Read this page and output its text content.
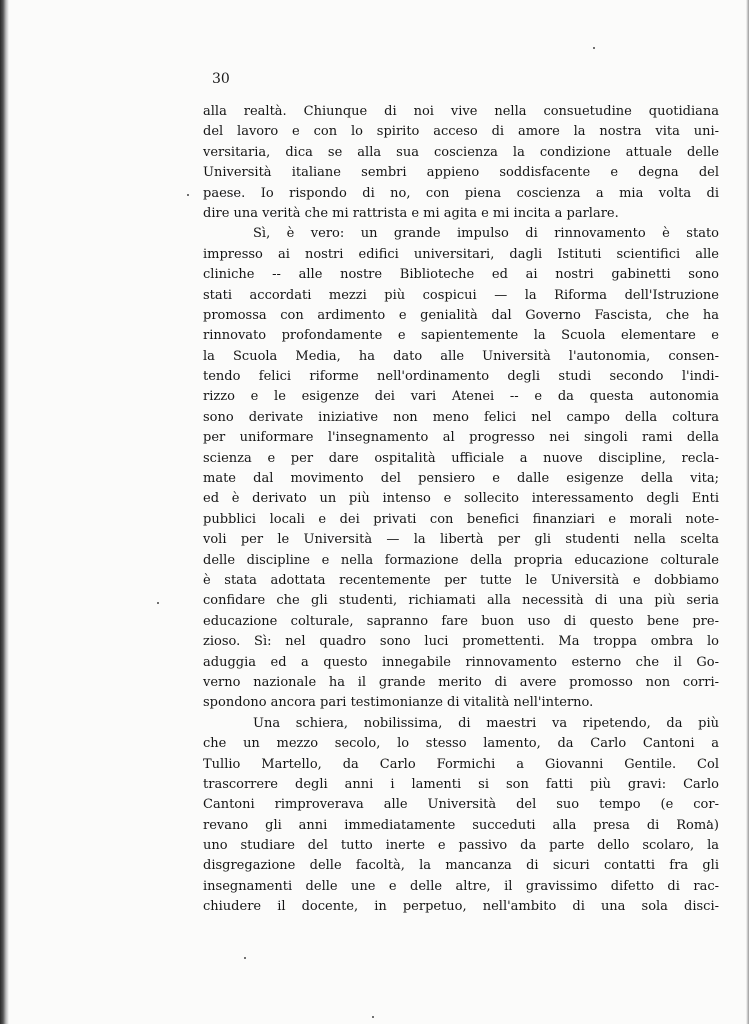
30
alla realtà. Chiunque di noi vive nella consuetudine quotidiana
del lavoro e con lo spirito acceso di amore la nostra vita uni-
versitaria, dica se alla sua coscienza la condizione attuale delle
Università italiane sembri appieno soddisfacente e degna del
paese. Io rispondo di no, con piena coscienza a mia volta di
dire una verità che mi rattrista e mi agita e mi incita a parlare.
Sì, è vero: un grande impulso di rinnovamento è stato
impresso ai nostri edifici universitari, dagli Istituti scientifici alle
cliniche -- alle nostre Biblioteche ed ai nostri gabinetti sono
stati accordati mezzi più cospicui — la Riforma dell'Istruzione
promossa con ardimento e genialità dal Governo Fascista, che ha
rinnovato profondamente e sapientemente la Scuola elementare e
la Scuola Media, ha dato alle Università l'autonomia, consen-
tendo felici riforme nell'ordinamento degli studi secondo l'indi-
rizzo e le esigenze dei vari Atenei -- e da questa autonomia
sono derivate iniziative non meno felici nel campo della coltura
per uniformare l'insegnamento al progresso nei singoli rami della
scienza e per dare ospitalità ufficiale a nuove discipline, recla-
mate dal movimento del pensiero e dalle esigenze della vita;
ed è derivato un più intenso e sollecito interessamento degli Enti
pubblici locali e dei privati con benefici finanziari e morali note-
voli per le Università — la libertà per gli studenti nella scelta
delle discipline e nella formazione della propria educazione colturale
è stata adottata recentemente per tutte le Università e dobbiamo
confidare che gli studenti, richiamati alla necessità di una più seria
educazione colturale, sapranno fare buon uso di questo bene pre-
zioso. Sì: nel quadro sono luci promettenti. Ma troppa ombra lo
aduggia ed a questo innegabile rinnovamento esterno che il Go-
verno nazionale ha il grande merito di avere promosso non corri-
spondono ancora pari testimonianze di vitalità nell'interno.
Una schiera, nobilissima, di maestri va ripetendo, da più
che un mezzo secolo, lo stesso lamento, da Carlo Cantoni a
Tullio Martello, da Carlo Formichi a Giovanni Gentile. Col
trascorrere degli anni i lamenti si son fatti più gravi: Carlo
Cantoni rimproverava alle Università del suo tempo (e cor-
revano gli anni immediatamente succeduti alla presa di Roma)
uno studiare del tutto inerte e passivo da parte dello scolaro, la
disgregazione delle facoltà, la mancanza di sicuri contatti fra gli
insegnamenti delle une e delle altre, il gravissimo difetto di rac-
chiudere il docente, in perpetuo, nell'ambito di una sola disci-
